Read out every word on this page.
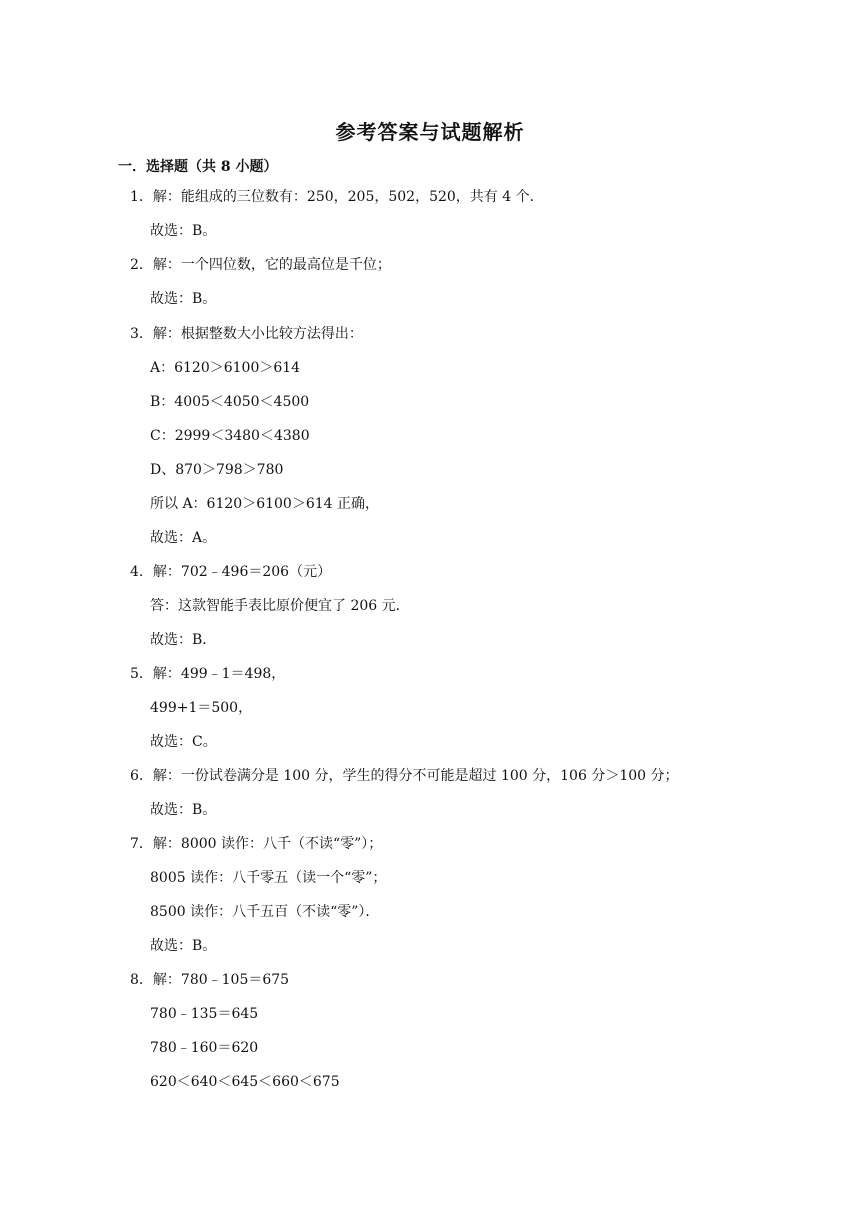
参考答案与试题解析
一．选择题（共 8 小题）
1．解：能组成的三位数有：250，205，502，520，共有 4 个．
故选：B。
2．解：一个四位数，它的最高位是千位；
故选：B。
3．解：根据整数大小比较方法得出：
A：6120＞6100＞614
B：4005＜4050＜4500
C：2999＜3480＜4380
D、870＞798＞780
所以 A：6120＞6100＞614 正确，
故选：A。
4．解：702﹣496＝206（元）
答：这款智能手表比原价便宜了 206 元．
故选：B．
5．解：499﹣1＝498，
499+1＝500，
故选：C。
6．解：一份试卷满分是 100 分，学生的得分不可能是超过 100 分，106 分＞100 分；
故选：B。
7．解：8000 读作：八千（不读“零”）；
8005 读作：八千零五（读一个“零”；
8500 读作：八千五百（不读“零”）．
故选：B。
8．解：780﹣105＝675
780﹣135＝645
780﹣160＝620
620＜640＜645＜660＜675
